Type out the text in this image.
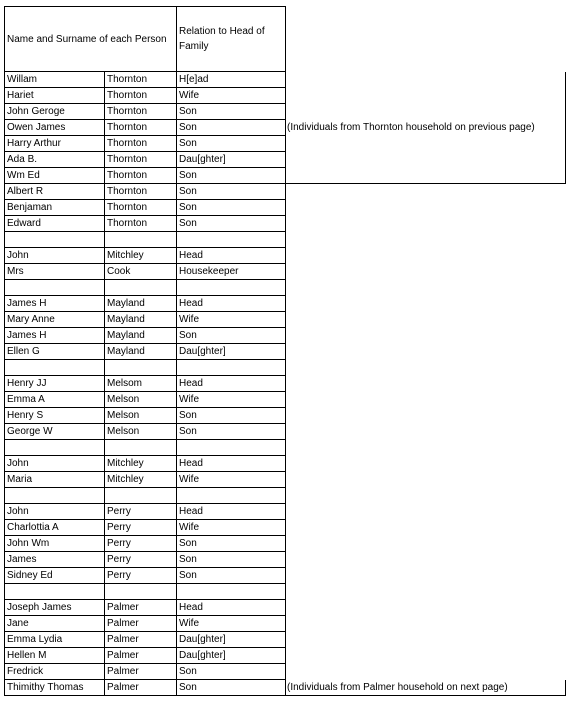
Name and Surname of each Person		Relation to Head of Family	
Willam	Thornton	H[e]ad	(Individuals from Thornton household on previous page)
Hariet	Thornton	Wife	
John Geroge	Thornton	Son	
Owen James	Thornton	Son	
Harry Arthur	Thornton	Son	
Ada B.	Thornton	Dau[ghter]	
Wm Ed	Thornton	Son	
Albert R	Thornton	Son	
Benjaman	Thornton	Son	
Edward	Thornton	Son	

John	Mitchley	Head	
Mrs	Cook	Housekeeper	

James H	Mayland	Head	
Mary Anne	Mayland	Wife	
James H	Mayland	Son	
Ellen G	Mayland	Dau[ghter]	

Henry JJ	Melsom	Head	
Emma A	Melson	Wife	
Henry S	Melson	Son	
George W	Melson	Son	

John	Mitchley	Head	
Maria	Mitchley	Wife	

John	Perry	Head	
Charlottia A	Perry	Wife	
John Wm	Perry	Son	
James	Perry	Son	
Sidney Ed	Perry	Son	

Joseph James	Palmer	Head	
Jane	Palmer	Wife	
Emma Lydia	Palmer	Dau[ghter]	
Hellen M	Palmer	Dau[ghter]	
Fredrick	Palmer	Son	
Thimithy Thomas	Palmer	Son	(Individuals from Palmer household on next page)
